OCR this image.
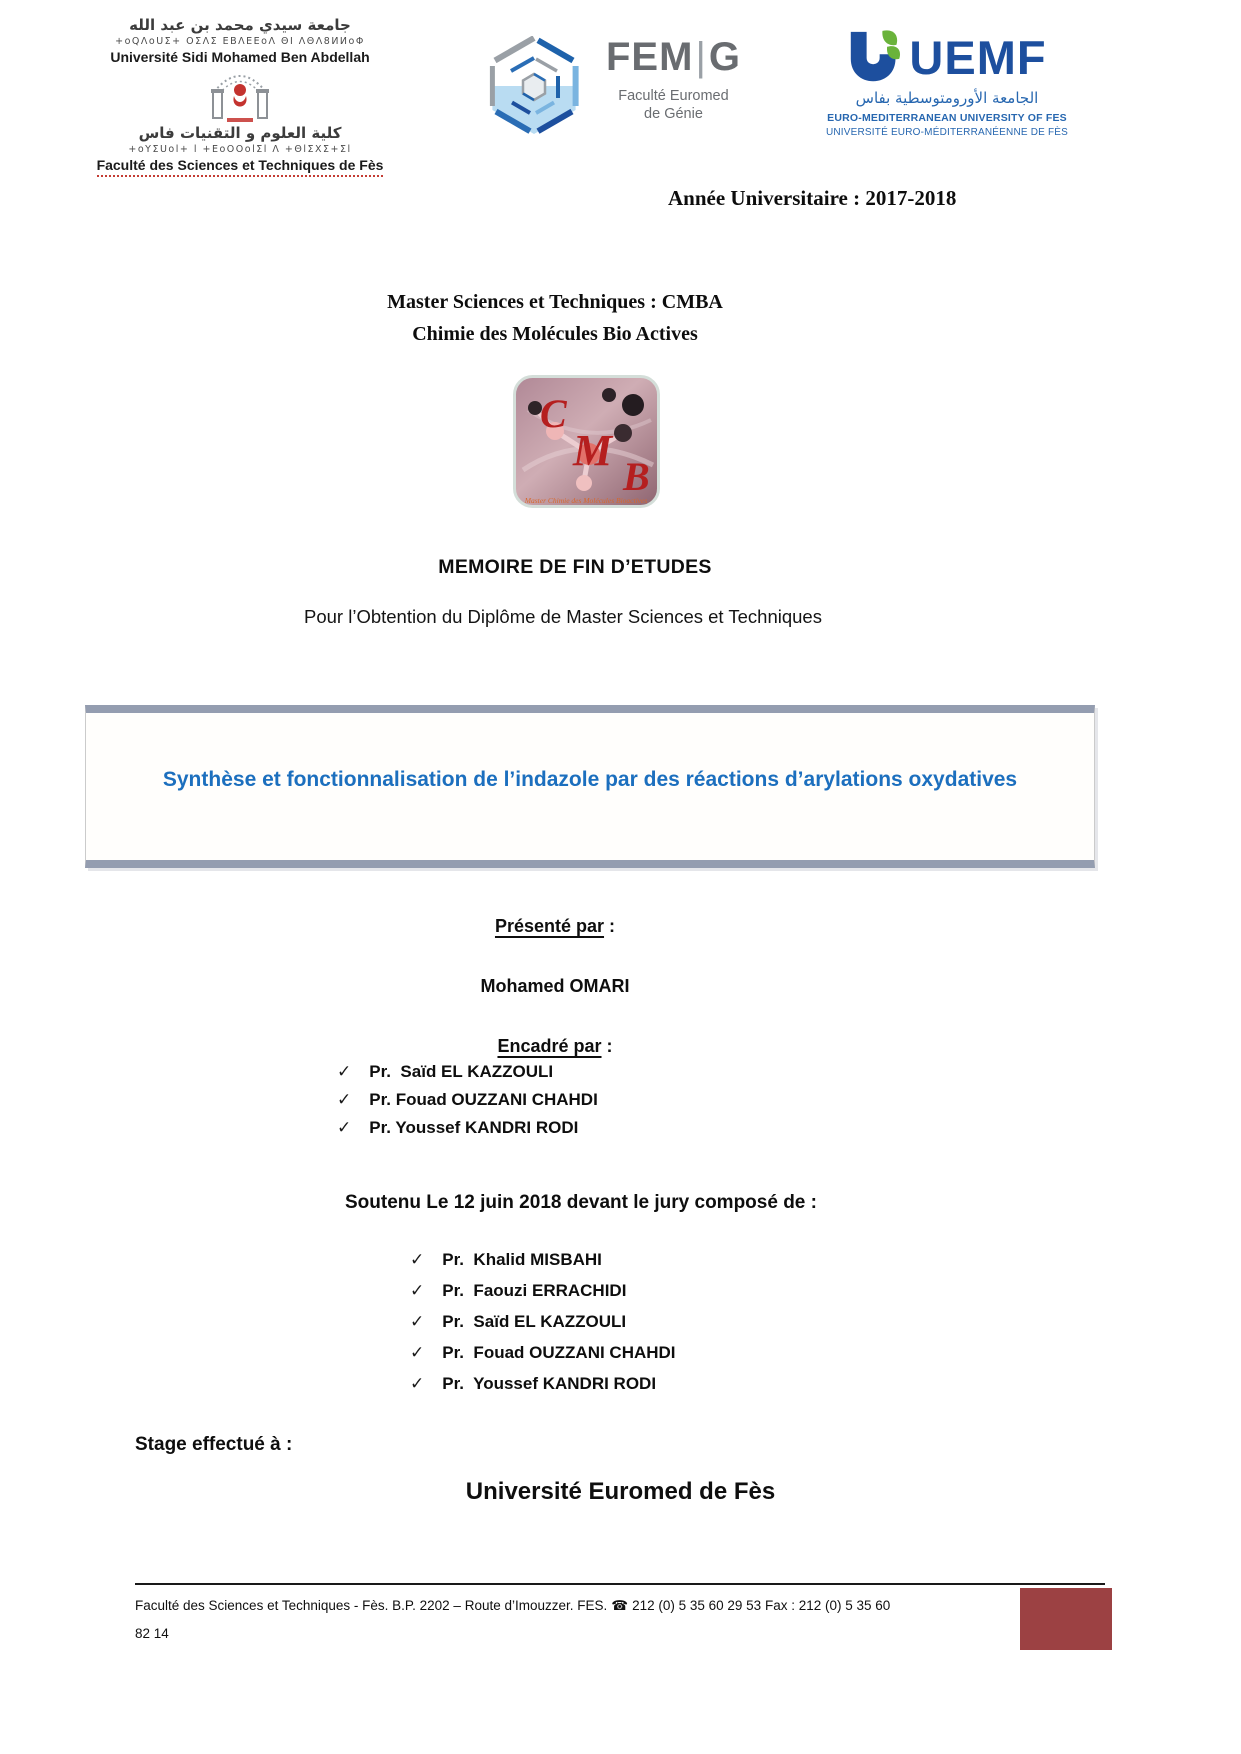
جامعة سيدي محمد بن عبد الله
+oQΛoUΣ+ OΣΛΣ EBΛEEoΛ ΘI ΛΘΛ8ИИoΦ
Université Sidi Mohamed Ben Abdellah
كلية العلوم و التقنيات فاس
+oYΣUol+ l +EoOOolΣl Λ +ΘlΣXΣ+Σl
Faculté des Sciences et Techniques de Fès
FEM|G
Faculté Euromed
de Génie
UEMF
الجامعة الأورومتوسطية بفاس
EURO-MEDITERRANEAN UNIVERSITY OF FES
UNIVERSITÉ EURO-MÉDITERRANÉENNE DE FÈS
Année Universitaire : 2017-2018
Master Sciences et Techniques : CMBA
Chimie des Molécules Bio Actives
C
M
B
Master Chimie des Molécules Bioactives
MEMOIRE DE FIN D’ETUDES
Pour l’Obtention du Diplôme de Master Sciences et Techniques
Synthèse et fonctionnalisation de l’indazole par des réactions d’arylations oxydatives
Présenté par :
Mohamed OMARI
Encadré par :
✓ Pr.  Saïd EL KAZZOULI
✓ Pr. Fouad OUZZANI CHAHDI
✓ Pr. Youssef KANDRI RODI
Soutenu Le 12 juin 2018 devant le jury composé de :
✓ Pr.  Khalid MISBAHI
✓ Pr.  Faouzi ERRACHIDI
✓ Pr.  Saïd EL KAZZOULI
✓ Pr.  Fouad OUZZANI CHAHDI
✓ Pr.  Youssef KANDRI RODI
Stage effectué à :
Université Euromed de Fès
Faculté des Sciences et Techniques - Fès. B.P. 2202 – Route d’Imouzzer. FES. ☎ 212 (0) 5 35 60 29 53 Fax : 212 (0) 5 35 60
82 14
